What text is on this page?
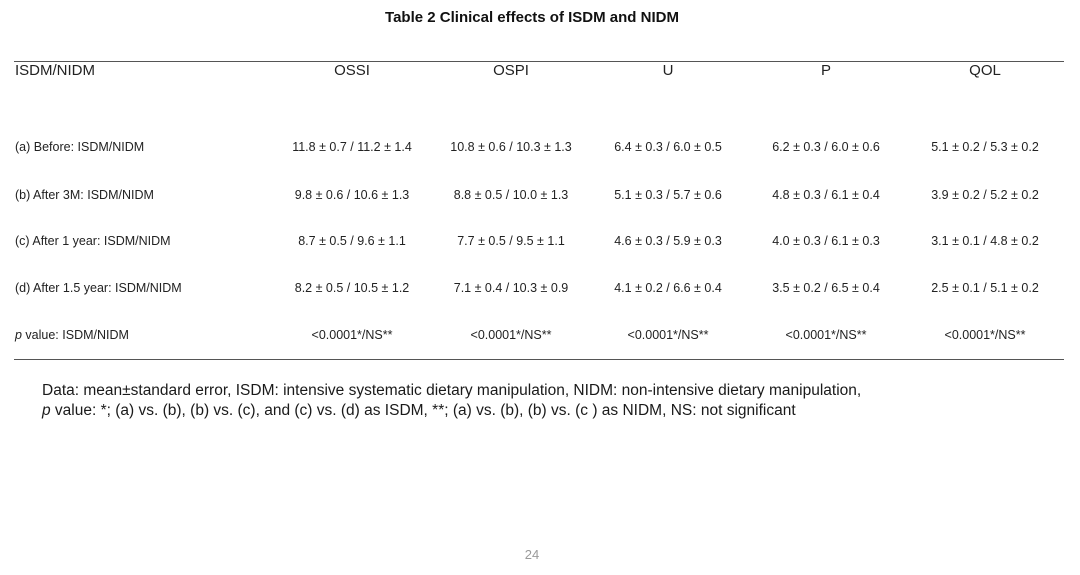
Table 2 Clinical effects of ISDM and NIDM
ISDM/NIDM	OSSI	OSPI	U	P	QOL
(a) Before: ISDM/NIDM	11.8 ± 0.7 / 11.2 ± 1.4	10.8 ± 0.6 / 10.3 ± 1.3	6.4 ± 0.3 / 6.0 ± 0.5	6.2 ± 0.3 / 6.0 ± 0.6	5.1 ± 0.2 / 5.3 ± 0.2
(b) After 3M: ISDM/NIDM	9.8 ± 0.6 / 10.6 ± 1.3	8.8 ± 0.5 / 10.0 ± 1.3	5.1 ± 0.3 / 5.7 ± 0.6	4.8 ± 0.3 / 6.1 ± 0.4	3.9 ± 0.2 / 5.2 ± 0.2
(c) After 1 year: ISDM/NIDM	8.7 ± 0.5 / 9.6 ± 1.1	7.7 ± 0.5 / 9.5 ± 1.1	4.6 ± 0.3 / 5.9 ± 0.3	4.0 ± 0.3 / 6.1 ± 0.3	3.1 ± 0.1 / 4.8 ± 0.2
(d) After 1.5 year: ISDM/NIDM	8.2 ± 0.5 / 10.5 ± 1.2	7.1 ± 0.4 / 10.3 ± 0.9	4.1 ± 0.2 / 6.6 ± 0.4	3.5 ± 0.2 / 6.5 ± 0.4	2.5 ± 0.1 / 5.1 ± 0.2
p value: ISDM/NIDM	<0.0001*/NS**	<0.0001*/NS**	<0.0001*/NS**	<0.0001*/NS**	<0.0001*/NS**
Data: mean±standard error, ISDM: intensive systematic dietary manipulation, NIDM: non-intensive dietary manipulation,
p value: *; (a) vs. (b), (b) vs. (c), and (c) vs. (d) as ISDM, **; (a) vs. (b), (b) vs. (c ) as NIDM, NS: not significant
24
